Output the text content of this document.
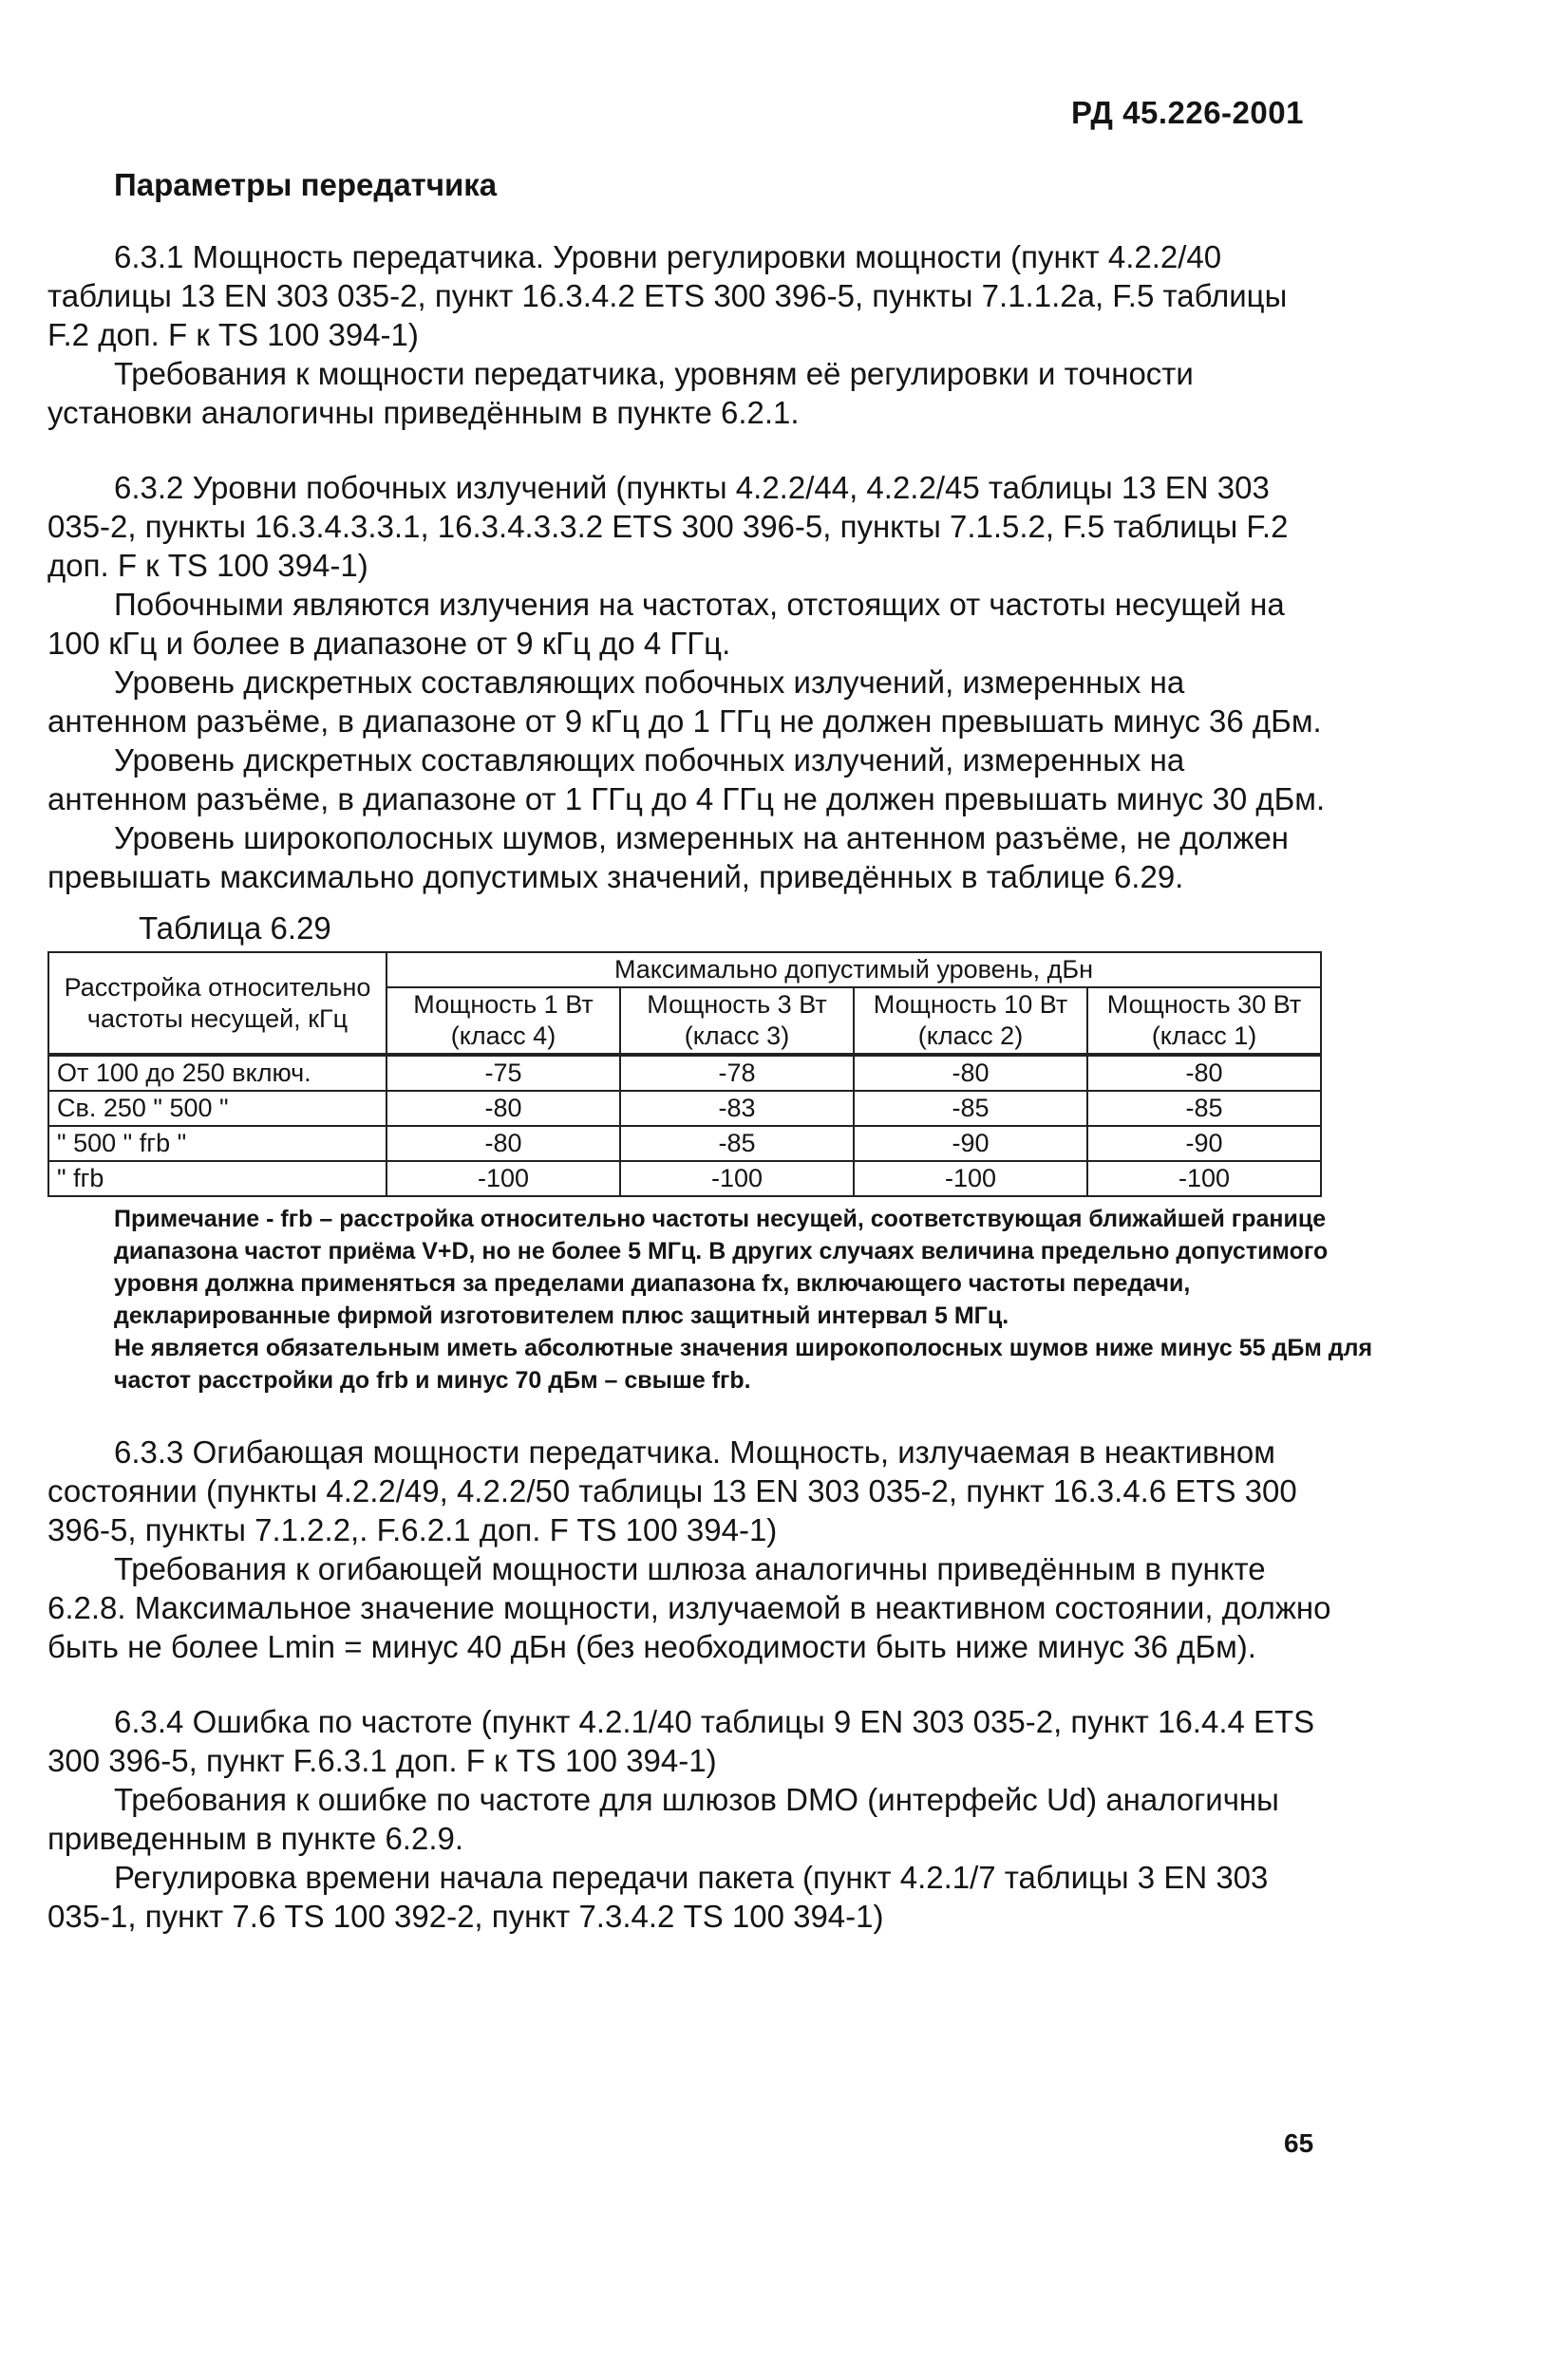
РД 45.226-2001
Параметры передатчика

6.3.1 Мощность передатчика. Уровни регулировки мощности (пункт 4.2.2/40 таблицы 13 EN 303 035-2, пункт 16.3.4.2 ETS 300 396-5, пункты 7.1.1.2а, F.5 таблицы F.2 доп. F к TS 100 394-1)

Требования к мощности передатчика, уровням её регулировки и точности установки аналогичны приведённым в пункте 6.2.1.

6.3.2 Уровни побочных излучений (пункты 4.2.2/44, 4.2.2/45 таблицы 13 EN 303 035-2, пункты 16.3.4.3.3.1, 16.3.4.3.3.2 ETS 300 396-5, пункты 7.1.5.2, F.5 таблицы F.2 доп. F к TS 100 394-1)

Побочными являются излучения на частотах, отстоящих от частоты несущей на 100 кГц и более в диапазоне от 9 кГц до 4 ГГц.

Уровень дискретных составляющих побочных излучений, измеренных на антенном разъёме, в диапазоне от 9 кГц до 1 ГГц не должен превышать минус 36 дБм.

Уровень дискретных составляющих побочных излучений, измеренных на антенном разъёме, в диапазоне от 1 ГГц до 4 ГГц не должен превышать минус 30 дБм.

Уровень широкополосных шумов, измеренных на антенном разъёме, не должен превышать максимально допустимых значений, приведённых в таблице 6.29.

Таблица 6.29
Расстройка относительно частоты несущей, кГц	Максимально допустимый уровень, дБн			
	Мощность 1 Вт (класс 4)	Мощность 3 Вт (класс 3)	Мощность 10 Вт (класс 2)	Мощность 30 Вт (класс 1)
От 100 до 250 включ.	-75	-78	-80	-80
Св. 250 " 500 "	-80	-83	-85	-85
" 500 " fгb "	-80	-85	-90	-90
" fгb	-100	-100	-100	-100

Примечание - fгb – расстройка относительно частоты несущей, соответствующая ближайшей границе диапазона частот приёма V+D, но не более 5 МГц. В других случаях величина предельно допустимого уровня должна применяться за пределами диапазона fx, включающего частоты передачи, декларированные фирмой изготовителем плюс защитный интервал 5 МГц.

Не является обязательным иметь абсолютные значения широкополосных шумов ниже минус 55 дБм для частот расстройки до fгb и минус 70 дБм – свыше fгb.

6.3.3 Огибающая мощности передатчика. Мощность, излучаемая в неактивном состоянии (пункты 4.2.2/49, 4.2.2/50 таблицы 13 EN 303 035-2, пункт 16.3.4.6 ETS 300 396-5, пункты 7.1.2.2,. F.6.2.1 доп. F TS 100 394-1)

Требования к огибающей мощности шлюза аналогичны приведённым в пункте 6.2.8. Максимальное значение мощности, излучаемой в неактивном состоянии, должно быть не более Lmin = минус 40 дБн (без необходимости быть ниже минус 36 дБм).

6.3.4 Ошибка по частоте (пункт 4.2.1/40 таблицы 9 EN 303 035-2, пункт 16.4.4 ETS 300 396-5, пункт F.6.3.1 доп. F к TS 100 394-1)

Требования к ошибке по частоте для шлюзов DMO (интерфейс Ud) аналогичны приведенным в пункте 6.2.9.

Регулировка времени начала передачи пакета (пункт 4.2.1/7 таблицы 3 EN 303 035-1, пункт 7.6 TS 100 392-2, пункт 7.3.4.2 TS 100 394-1)

65
